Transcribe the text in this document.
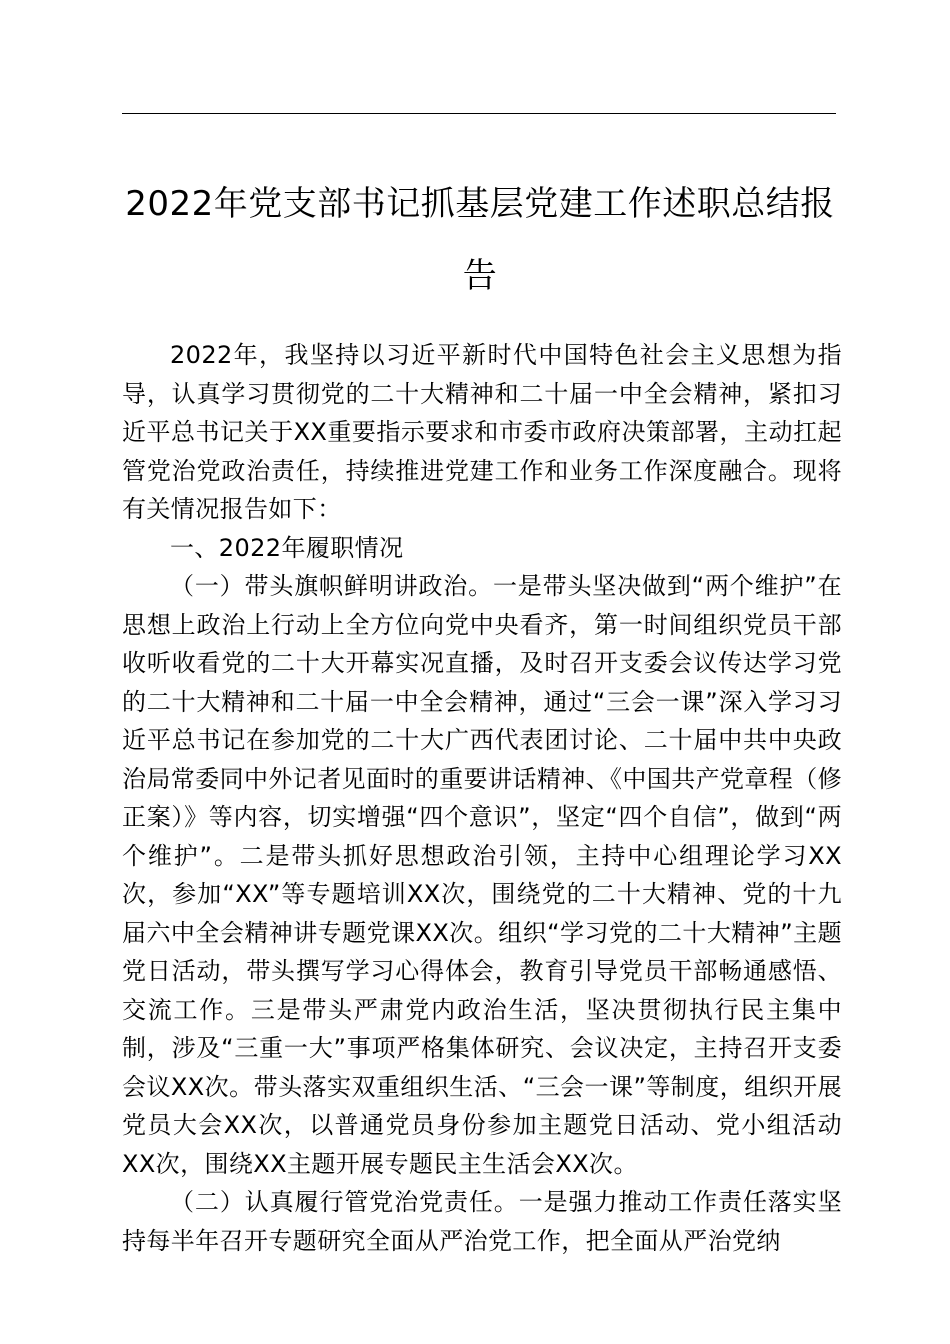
2022年党支部书记抓基层党建工作述职总结报告

2022年，我坚持以习近平新时代中国特色社会主义思想为指导，认真学习贯彻党的二十大精神和二十届一中全会精神，紧扣习近平总书记关于XX重要指示要求和市委市政府决策部署，主动扛起管党治党政治责任，持续推进党建工作和业务工作深度融合。现将有关情况报告如下：

一、2022年履职情况

（一）带头旗帜鲜明讲政治。一是带头坚决做到“两个维护”在思想上政治上行动上全方位向党中央看齐，第一时间组织党员干部收听收看党的二十大开幕实况直播，及时召开支委会议传达学习党的二十大精神和二十届一中全会精神，通过“三会一课”深入学习习近平总书记在参加党的二十大广西代表团讨论、二十届中共中央政治局常委同中外记者见面时的重要讲话精神、《中国共产党章程（修正案）》等内容，切实增强“四个意识”，坚定“四个自信”，做到“两个维护”。二是带头抓好思想政治引领，主持中心组理论学习XX次，参加“XX”等专题培训XX次，围绕党的二十大精神、党的十九届六中全会精神讲专题党课XX次。组织“学习党的二十大精神”主题党日活动，带头撰写学习心得体会，教育引导党员干部畅通感悟、交流工作。三是带头严肃党内政治生活，坚决贯彻执行民主集中制，涉及“三重一大”事项严格集体研究、会议决定，主持召开支委会议XX次。带头落实双重组织生活、“三会一课”等制度，组织开展党员大会XX次，以普通党员身份参加主题党日活动、党小组活动XX次，围绕XX主题开展专题民主生活会XX次。

（二）认真履行管党治党责任。一是强力推动工作责任落实坚持每半年召开专题研究全面从严治党工作，把全面从严治党纳
